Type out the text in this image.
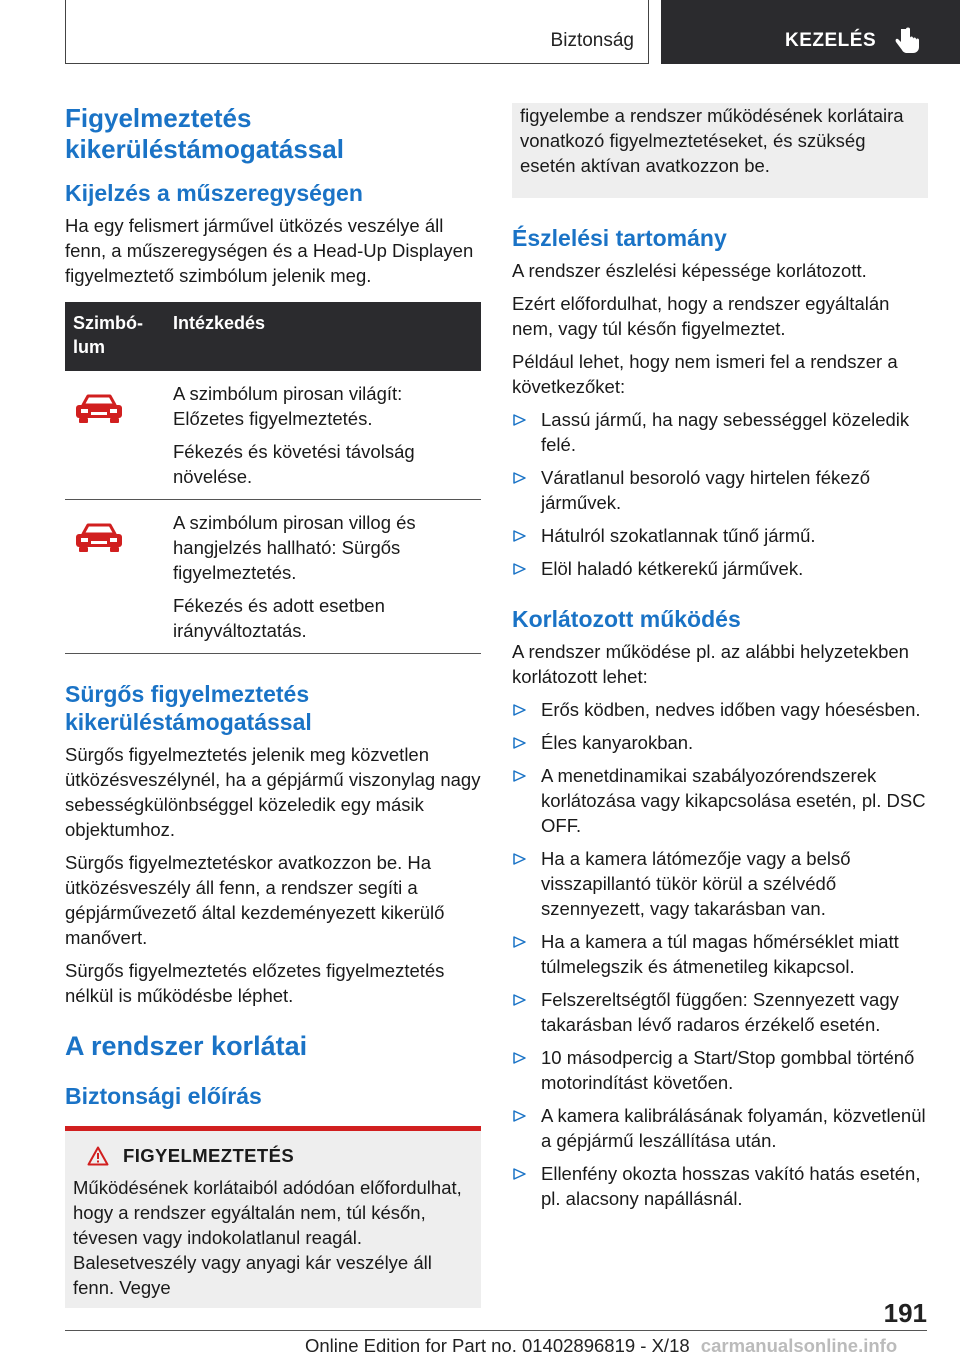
Biztonság	KEZELÉS
Figyelmeztetés
kikerüléstámogatással
Kijelzés a műszeregységen

Ha egy felismert járművel ütközés veszélye áll fenn, a műszeregységen és a Head-Up Displayen figyelmeztető szimbólum jelenik meg.

Szimbó-
lum	Intézkedés

A szimbólum pirosan világít: Előzetes figyelmeztetés.

Fékezés és követési távolság növelése.

A szimbólum pirosan villog és hangjelzés hallható: Sürgős figyelmeztetés.

Fékezés és adott esetben irányváltoztatás.

Sürgős figyelmeztetés
kikerüléstámogatással

Sürgős figyelmeztetés jelenik meg közvetlen ütközésveszélynél, ha a gépjármű viszonylag nagy sebességkülönbséggel közeledik egy másik objektumhoz.

Sürgős figyelmeztetéskor avatkozzon be. Ha ütközésveszély áll fenn, a rendszer segíti a gépjárművezető által kezdeményezett kikerülő manővert.

Sürgős figyelmeztetés előzetes figyelmeztetés nélkül is működésbe léphet.

A rendszer korlátai
Biztonsági előírás
FIGYELMEZTETÉS

Működésének korlátaiból adódóan előfordulhat, hogy a rendszer egyáltalán nem, túl későn, tévesen vagy indokolatlanul reagál. Balesetveszély vagy anyagi kár veszélye áll fenn. Vegye

figyelembe a rendszer működésének korlátaira vonatkozó figyelmeztetéseket, és szükség esetén aktívan avatkozzon be.

Észlelési tartomány

A rendszer észlelési képessége korlátozott.

Ezért előfordulhat, hogy a rendszer egyáltalán nem, vagy túl későn figyelmeztet.

Például lehet, hogy nem ismeri fel a rendszer a következőket:

Lassú jármű, ha nagy sebességgel közeledik felé.
Váratlanul besoroló vagy hirtelen fékező járművek.
Hátulról szokatlannak tűnő jármű.
Elöl haladó kétkerekű járművek.
Korlátozott működés

A rendszer működése pl. az alábbi helyzetekben korlátozott lehet:

Erős ködben, nedves időben vagy hóesésben.
Éles kanyarokban.
A menetdinamikai szabályozórendszerek korlátozása vagy kikapcsolása esetén, pl. DSC OFF.
Ha a kamera látómezője vagy a belső visszapillantó tükör körül a szélvédő szennyezett, vagy takarásban van.
Ha a kamera a túl magas hőmérséklet miatt túlmelegszik és átmenetileg kikapcsol.
Felszereltségtől függően: Szennyezett vagy takarásban lévő radaros érzékelő esetén.
10 másodpercig a Start/Stop gombbal történő motorindítást követően.
A kamera kalibrálásának folyamán, közvetlenül a gépjármű leszállítása után.
Ellenfény okozta hosszas vakító hatás esetén, pl. alacsony napállásnál.
191
Online Edition for Part no. 01402896819 - X/18 carmanualsonline.info
